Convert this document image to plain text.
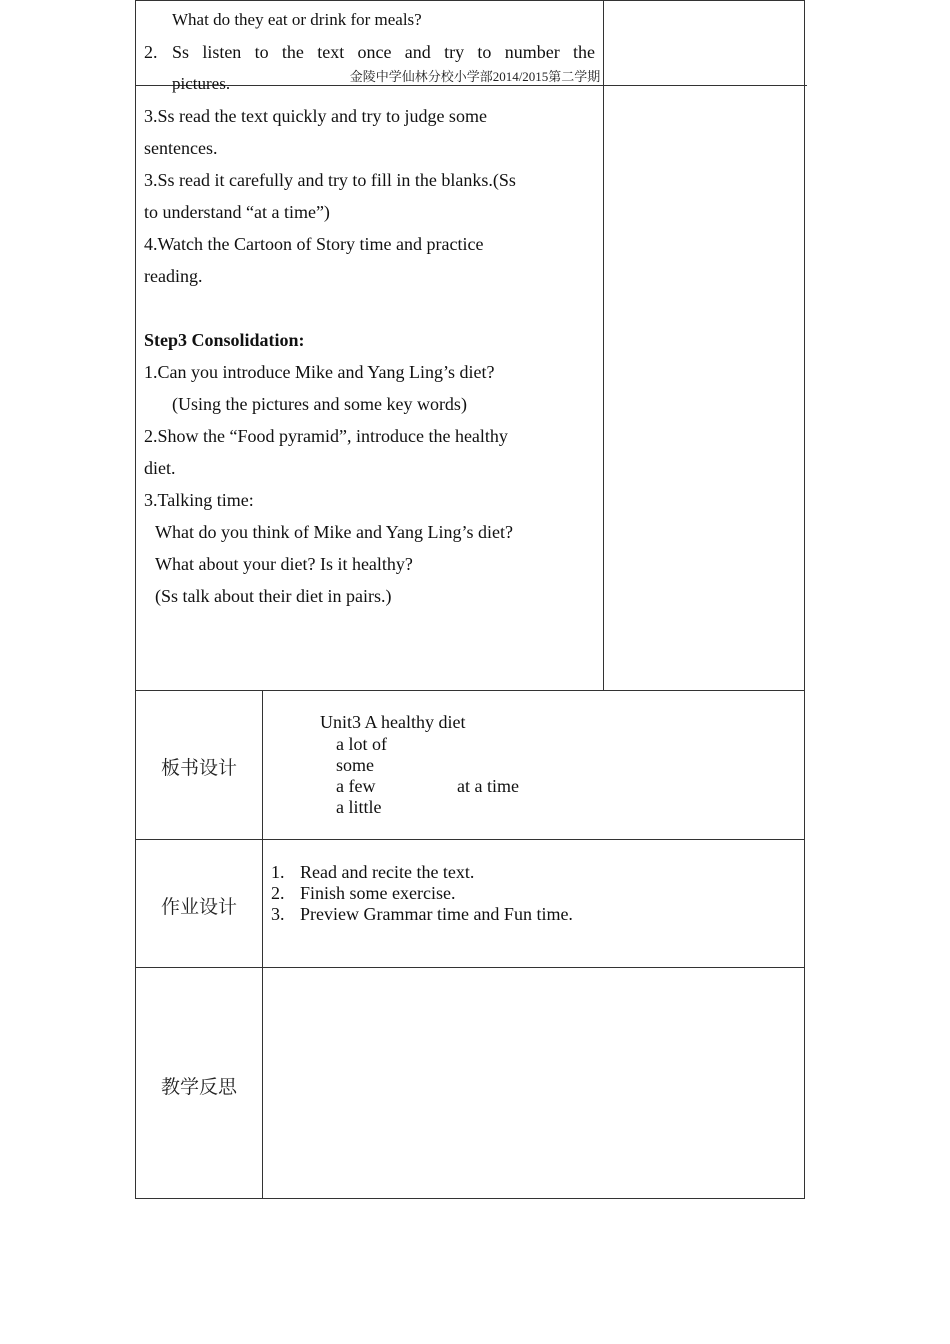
What do they eat or drink for meals?
2. Ss listen to the text once and try to number the
pictures.	金陵中学仙林分校小学部2014/2015第二学期
3.Ss read the text quickly and try to judge some
sentences.
3.Ss read it carefully and try to fill in the blanks.(Ss
to understand “at a time”)
4.Watch the Cartoon of Story time and practice
reading.
Step3 Consolidation:
1.Can you introduce Mike and Yang Ling’s diet?
(Using the pictures and some key words)
2.Show the “Food pyramid”, introduce the healthy
diet.
3.Talking time:
What do you think of Mike and Yang Ling’s diet?
What about your diet? Is it healthy?
(Ss talk about their diet in pairs.)
板书设计
Unit3 A healthy diet
a lot of
some
a few	at a time
a little
作业设计
1. Read and recite the text.
2. Finish some exercise.
3. Preview Grammar time and Fun time.
教学反思
